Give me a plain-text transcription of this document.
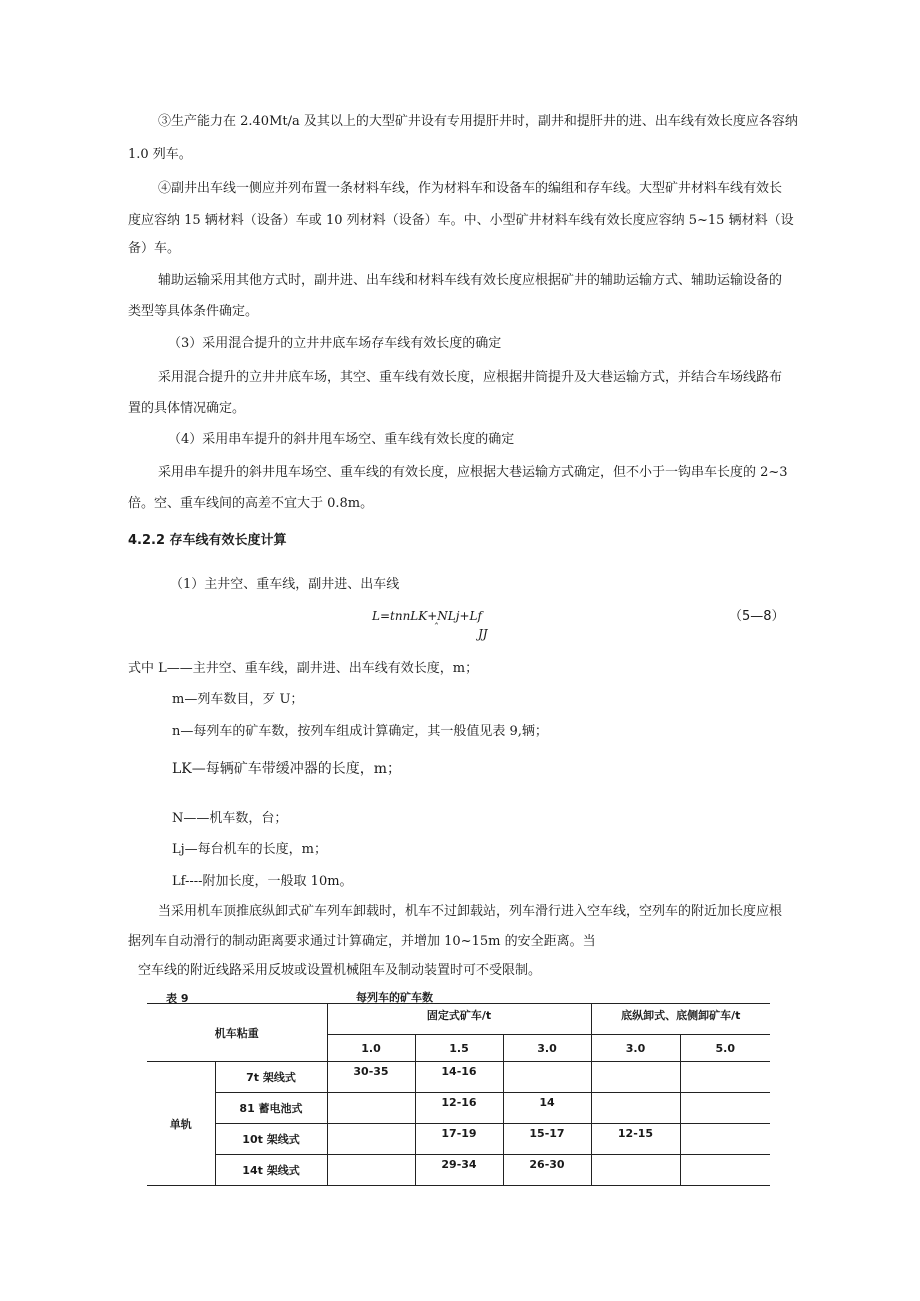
③生产能力在 2.40Mt/a 及其以上的大型矿井设有专用提肝井时，副井和提肝井的进、出车线有效长度应各容纳
1.0 列车。
④副井出车线一侧应并列布置一条材料车线，作为材料车和设备车的编组和存车线。大型矿井材料车线有效长
度应容纳 15 辆材料（设备）车或 10 列材料（设备）车。中、小型矿井材料车线有效长度应容纳 5~15 辆材料（设
备）车。
辅助运输采用其他方式时，副井进、出车线和材料车线有效长度应根据矿井的辅助运输方式、辅助运输设备的
类型等具体条件确定。
（3）采用混合提升的立井井底车场存车线有效长度的确定
采用混合提升的立井井底车场，其空、重车线有效长度，应根据井筒提升及大巷运输方式，并结合车场线路布
置的具体情况确定。
（4）采用串车提升的斜井甩车场空、重车线有效长度的确定
采用串车提升的斜井甩车场空、重车线的有效长度，应根据大巷运输方式确定，但不小于一钩串车长度的 2~3
倍。空、重车线间的高差不宜大于 0.8m。
4.2.2 存车线有效长度计算
（1）主井空、重车线，副井进、出车线
L=tnnLK+NLj+Lf
ˆ	JJ
（5—8）
式中 L——主井空、重车线，副井进、出车线有效长度，m；
m—列车数目，歹 U；
n—每列车的矿车数，按列车组成计算确定，其一般值见表 9,辆；
LK—每辆矿车带缓冲器的长度，m；
N——机车数，台；
Lj—每台机车的长度，m；
Lf----附加长度，一般取 10m。
当采用机车顶推底纵卸式矿车列车卸载时，机车不过卸载站，列车滑行进入空车线，空列车的附近加长度应根
据列车自动滑行的制动距离要求通过计算确定，并增加 10~15m 的安全距离。当
空车线的附近线路采用反坡或设置机械阻车及制动装置时可不受限制。
表 9	每列车的矿车数
机车粘重		固定式矿车/t			底纵卸式、底侧卸矿车/t	
		1.0	1.5	3.0	3.0	5.0
单轨	7t 架线式	30-35	14-16			
	81 蓄电池式		12-16	14		
	10t 架线式		17-19	15-17	12-15	
	14t 架线式		29-34	26-30		
